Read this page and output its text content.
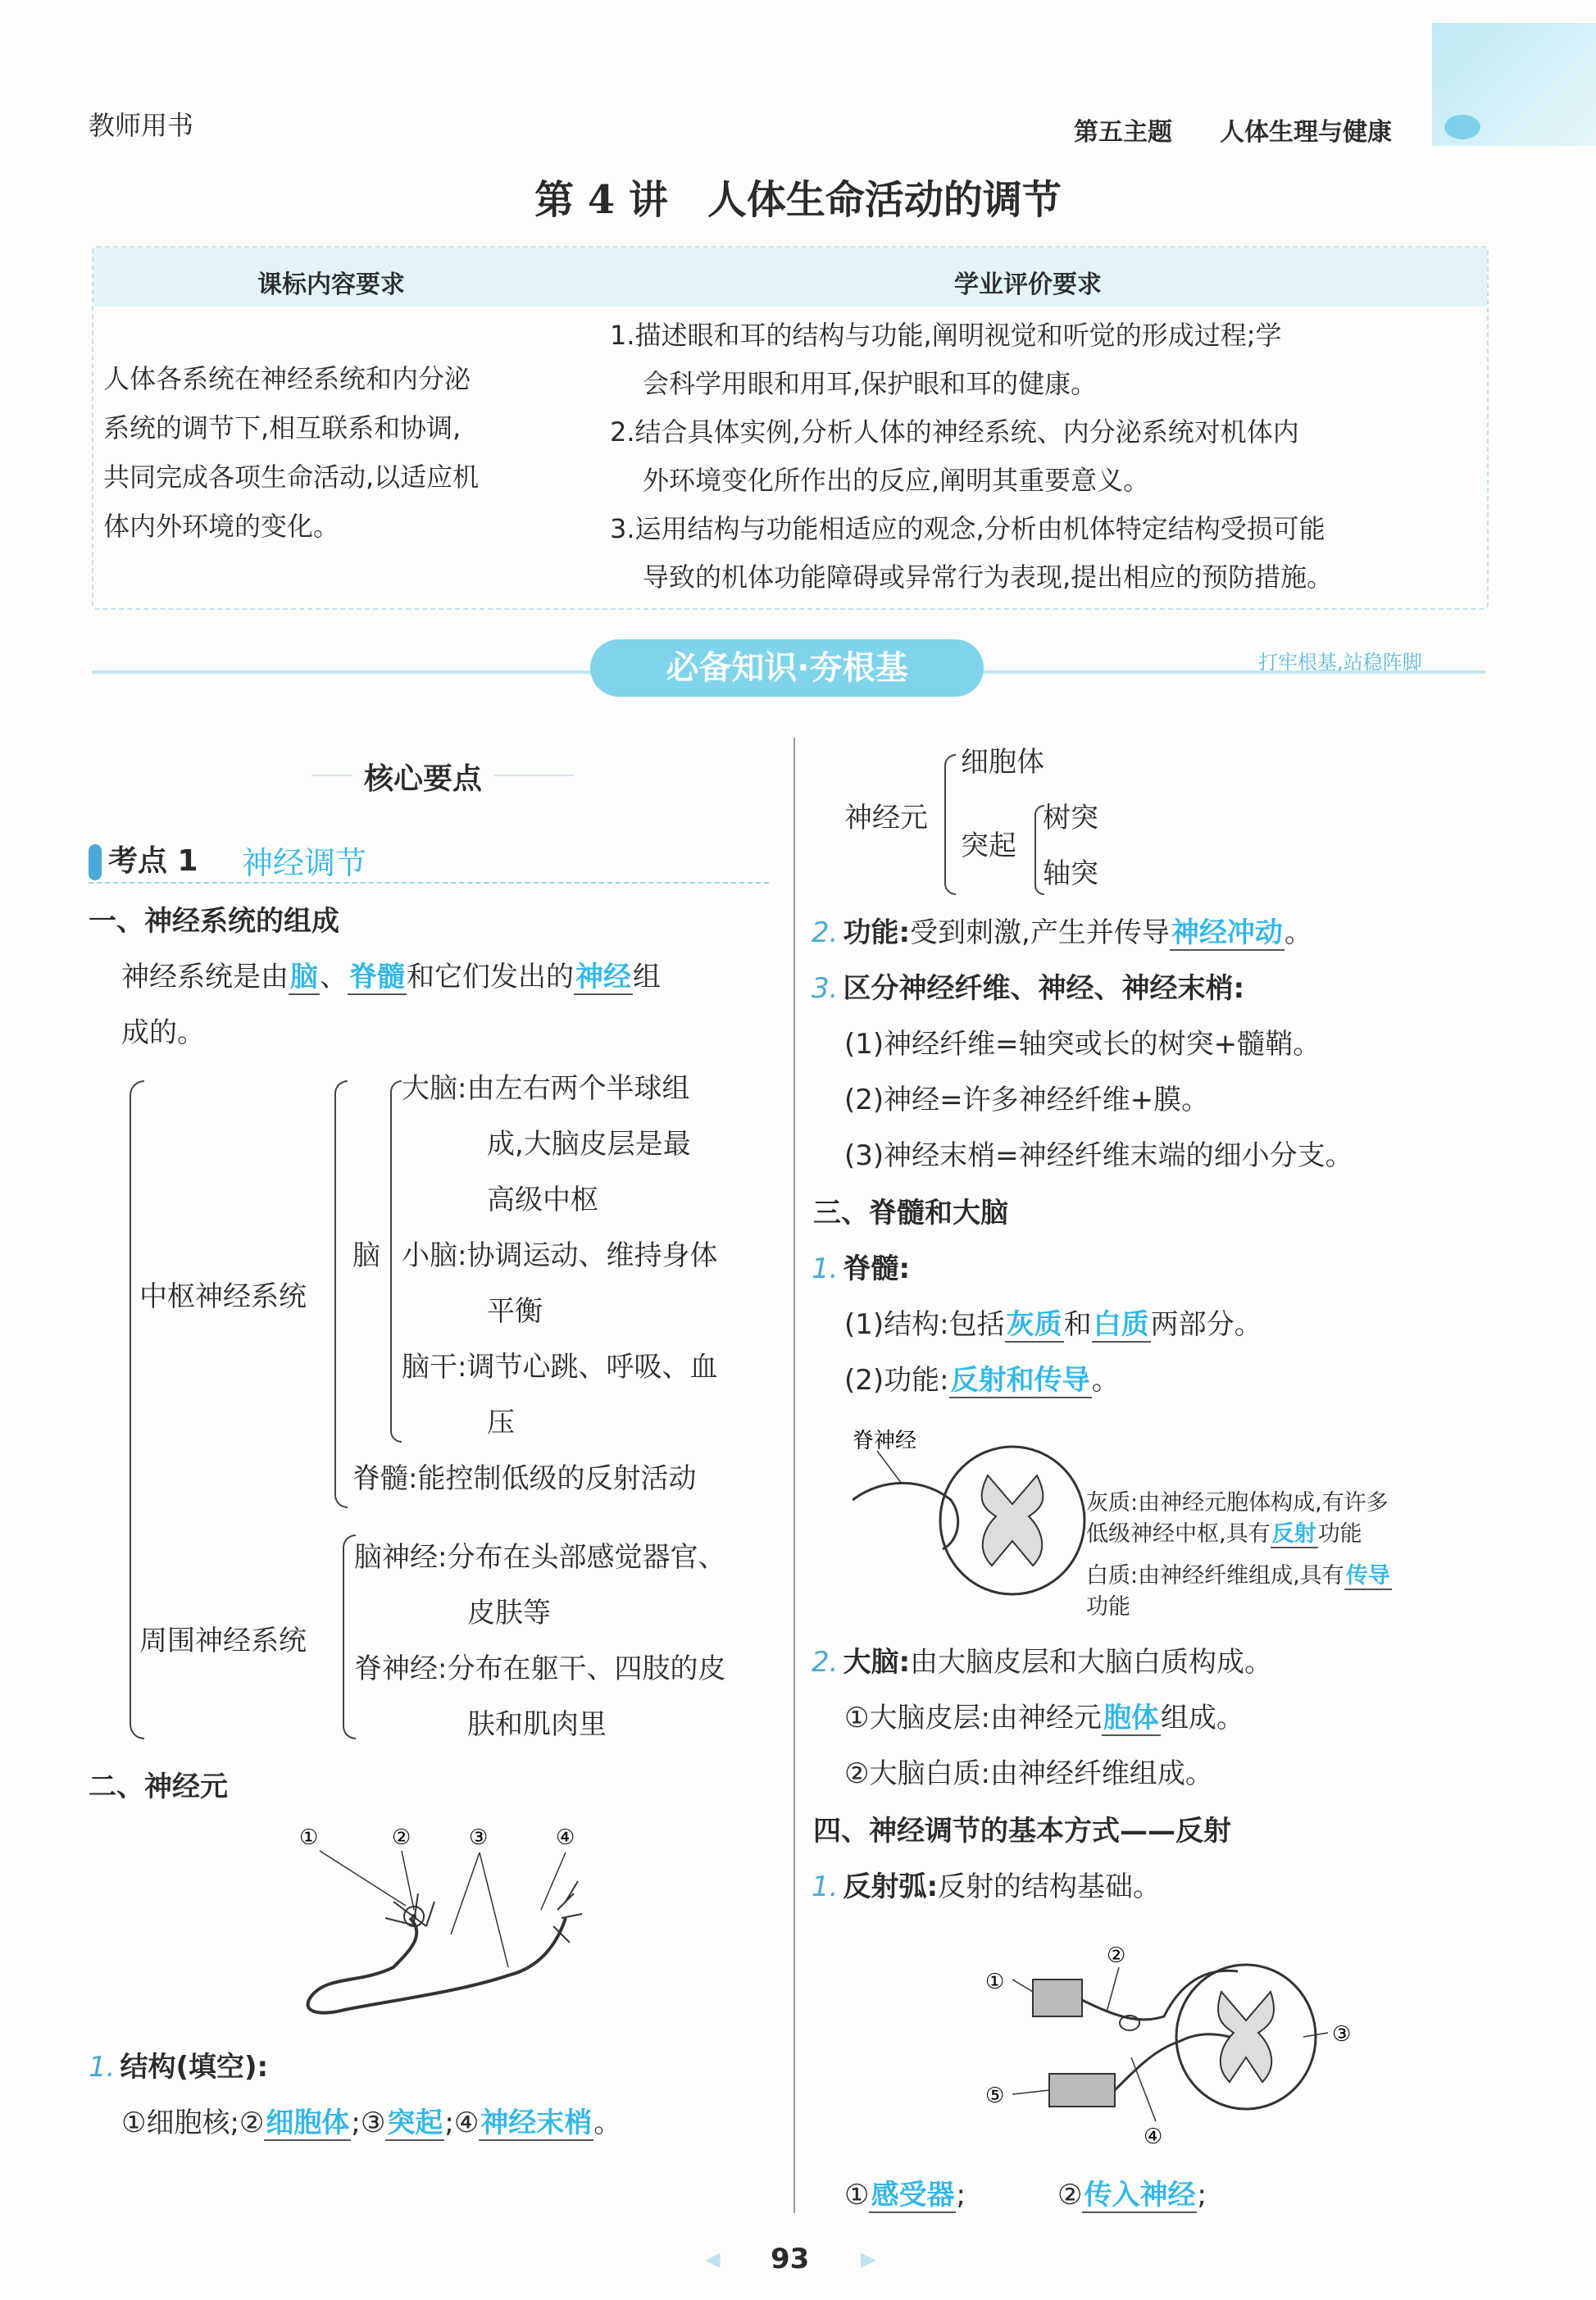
教师用书	第五主题 人体生理与健康
第 4 讲　人体生命活动的调节
课标内容要求	学业评价要求
人体各系统在神经系统和内分泌
系统的调节下,相互联系和协调,
共同完成各项生命活动,以适应机
体内外环境的变化。
1.描述眼和耳的结构与功能,阐明视觉和听觉的形成过程;学
会科学用眼和用耳,保护眼和耳的健康。
2.结合具体实例,分析人体的神经系统、内分泌系统对机体内
外环境变化所作出的反应,阐明其重要意义。
3.运用结构与功能相适应的观念,分析由机体特定结构受损可能
导致的机体功能障碍或异常行为表现,提出相应的预防措施。
必备知识·夯根基	打牢根基,站稳阵脚
核心要点
考点 1 神经调节
一、神经系统的组成
神经系统是由脑、脊髓和它们发出的神经组
成的。
中枢神经系统
脑
大脑:由左右两个半球组
成,大脑皮层是最
高级中枢
小脑:协调运动、维持身体
平衡
脑干:调节心跳、呼吸、血
压
脊髓:能控制低级的反射活动
周围神经系统
脑神经:分布在头部感觉器官、
皮肤等
脊神经:分布在躯干、四肢的皮
肤和肌肉里
二、神经元
①	②	③	④
1. 结构(填空):
①细胞核;②细胞体;③突起;④神经末梢。
神经元
细胞体
突起
树突
轴突
2. 功能:受到刺激,产生并传导神经冲动。
3. 区分神经纤维、神经、神经末梢:
(1)神经纤维=轴突或长的树突+髓鞘。
(2)神经=许多神经纤维+膜。
(3)神经末梢=神经纤维末端的细小分支。
三、脊髓和大脑
1. 脊髓:
(1)结构:包括灰质和白质两部分。
(2)功能:反射和传导。
脊神经
灰质:由神经元胞体构成,有许多
低级神经中枢,具有反射功能
白质:由神经纤维组成,具有传导
功能
2. 大脑:由大脑皮层和大脑白质构成。
①大脑皮层:由神经元胞体组成。
②大脑白质:由神经纤维组成。
四、神经调节的基本方式——反射
1. 反射弧:反射的结构基础。
①
②
③
④
⑤
①感受器;	②传入神经;
◀ 93	▶
